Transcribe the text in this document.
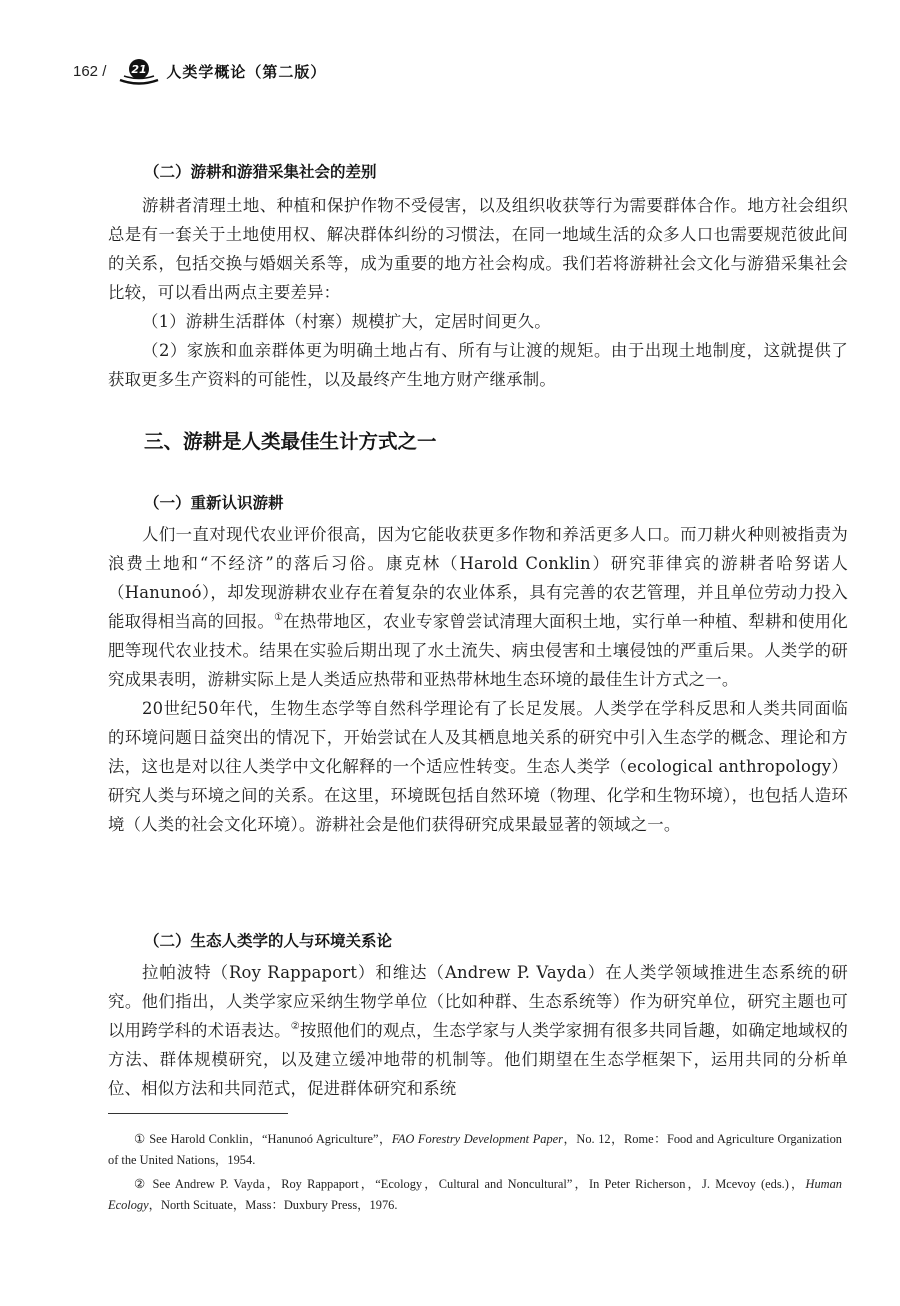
162 / 21 人类学概论（第二版）
（二）游耕和游猎采集社会的差别

游耕者清理土地、种植和保护作物不受侵害，以及组织收获等行为需要群体合作。地方社会组织总是有一套关于土地使用权、解决群体纠纷的习惯法，在同一地域生活的众多人口也需要规范彼此间的关系，包括交换与婚姻关系等，成为重要的地方社会构成。我们若将游耕社会文化与游猎采集社会比较，可以看出两点主要差异：

（1）游耕生活群体（村寨）规模扩大，定居时间更久。

（2）家族和血亲群体更为明确土地占有、所有与让渡的规矩。由于出现土地制度，这就提供了获取更多生产资料的可能性，以及最终产生地方财产继承制。

三、游耕是人类最佳生计方式之一
（一）重新认识游耕

人们一直对现代农业评价很高，因为它能收获更多作物和养活更多人口。而刀耕火种则被指责为浪费土地和“不经济”的落后习俗。康克林（Harold Conklin）研究菲律宾的游耕者哈努诺人（Hanunoó），却发现游耕农业存在着复杂的农业体系，具有完善的农艺管理，并且单位劳动力投入能取得相当高的回报。①在热带地区，农业专家曾尝试清理大面积土地，实行单一种植、犁耕和使用化肥等现代农业技术。结果在实验后期出现了水土流失、病虫侵害和土壤侵蚀的严重后果。人类学的研究成果表明，游耕实际上是人类适应热带和亚热带林地生态环境的最佳生计方式之一。

20世纪50年代，生物生态学等自然科学理论有了长足发展。人类学在学科反思和人类共同面临的环境问题日益突出的情况下，开始尝试在人及其栖息地关系的研究中引入生态学的概念、理论和方法，这也是对以往人类学中文化解释的一个适应性转变。生态人类学（ecological anthropology）研究人类与环境之间的关系。在这里，环境既包括自然环境（物理、化学和生物环境），也包括人造环境（人类的社会文化环境）。游耕社会是他们获得研究成果最显著的领域之一。

（二）生态人类学的人与环境关系论

拉帕波特（Roy Rappaport）和维达（Andrew P. Vayda）在人类学领域推进生态系统的研究。他们指出，人类学家应采纳生物学单位（比如种群、生态系统等）作为研究单位，研究主题也可以用跨学科的术语表达。②按照他们的观点，生态学家与人类学家拥有很多共同旨趣，如确定地域权的方法、群体规模研究，以及建立缓冲地带的机制等。他们期望在生态学框架下，运用共同的分析单位、相似方法和共同范式，促进群体研究和系统

① See Harold Conklin，“Hanunoó Agriculture”，FAO Forestry Development Paper，No. 12，Rome：Food and Agriculture Organization of the United Nations，1954.

② See Andrew P. Vayda，Roy Rappaport，“Ecology，Cultural and Noncultural”，In Peter Richerson，J. Mcevoy (eds.)，Human Ecology，North Scituate，Mass：Duxbury Press，1976.
